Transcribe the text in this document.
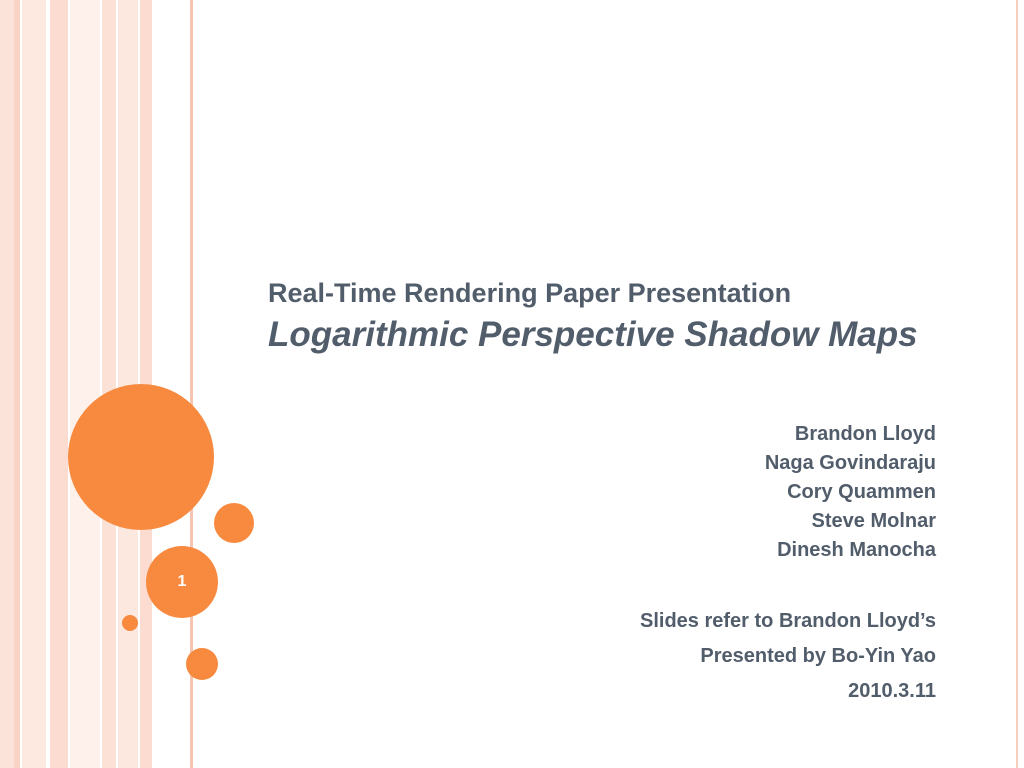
1

Real-Time Rendering Paper Presentation

Logarithmic Perspective Shadow Maps

Brandon Lloyd
Naga Govindaraju
Cory Quammen
Steve Molnar
Dinesh Manocha
Slides refer to Brandon Lloyd’s
Presented by Bo-Yin Yao
2010.3.11
